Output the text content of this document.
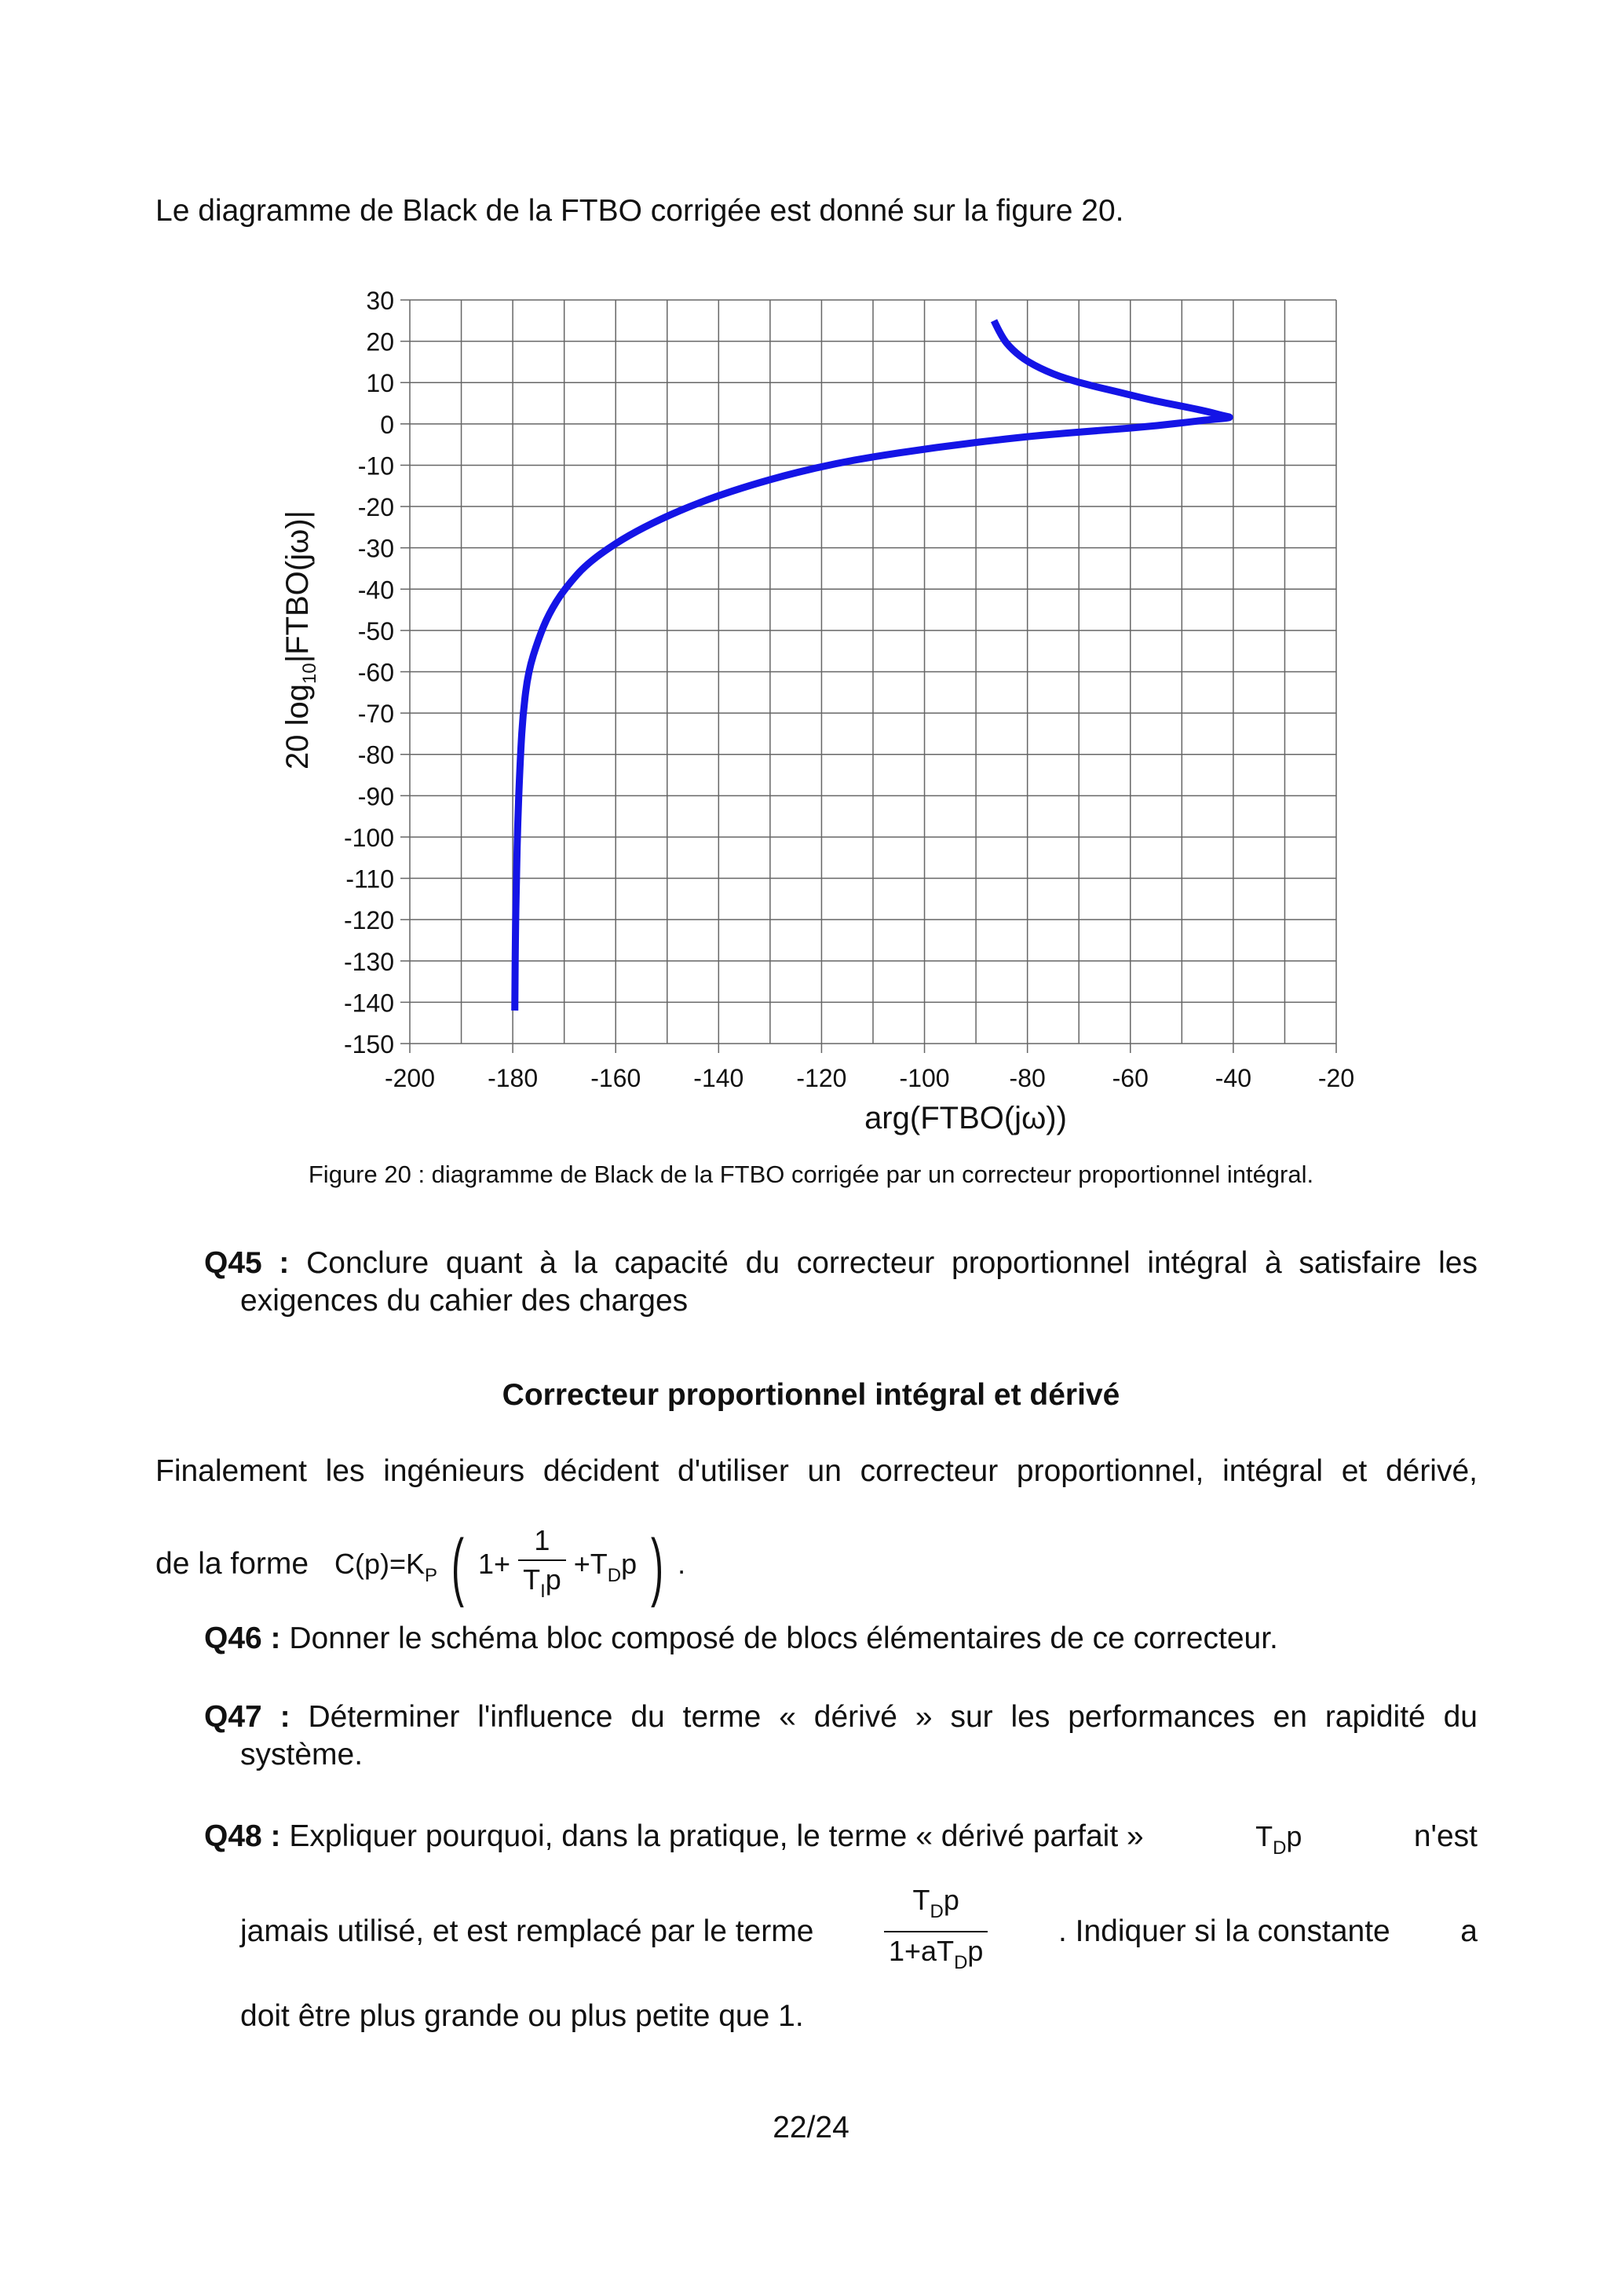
Le diagramme de Black de la FTBO corrigée est donné sur la figure 20.
30
20
10
0
-10
-20
-30
-40
-50
-60
-70
-80
-90
-100
-110
-120
-130
-140
-150
-200 -180 -160 -140 -120 -100 -80	-60	-40	-20
arg(FTBO(jω))
20 $\log_{10}|FTBO(j\omega)|$
Figure 20 : diagramme de Black de la FTBO corrigée par un correcteur proportionnel intégral.
Q45 : Conclure quant à la capacité du correcteur proportionnel intégral à satisfaire les
exigences du cahier des charges
Correcteur proportionnel intégral et dérivé
Finalement les ingénieurs décident d'utiliser un correcteur proportionnel, intégral et dérivé,
de la forme $C(p)=K_P$ ( $1+ \frac{1}{T_Ip} +T_Dp$ ) .
Q46 : Donner le schéma bloc composé de blocs élémentaires de ce correcteur.
Q47 : Déterminer l'influence du terme « dérivé » sur les performances en rapidité du
système.
Q48 : Expliquer pourquoi, dans la pratique, le terme « dérivé parfait »	$T_Dp$	n'est
jamais utilisé, et est remplacé par le terme $\frac{T_Dp}{1+aT_Dp}$ . Indiquer si la constante a
doit être plus grande ou plus petite que 1.
22/24
